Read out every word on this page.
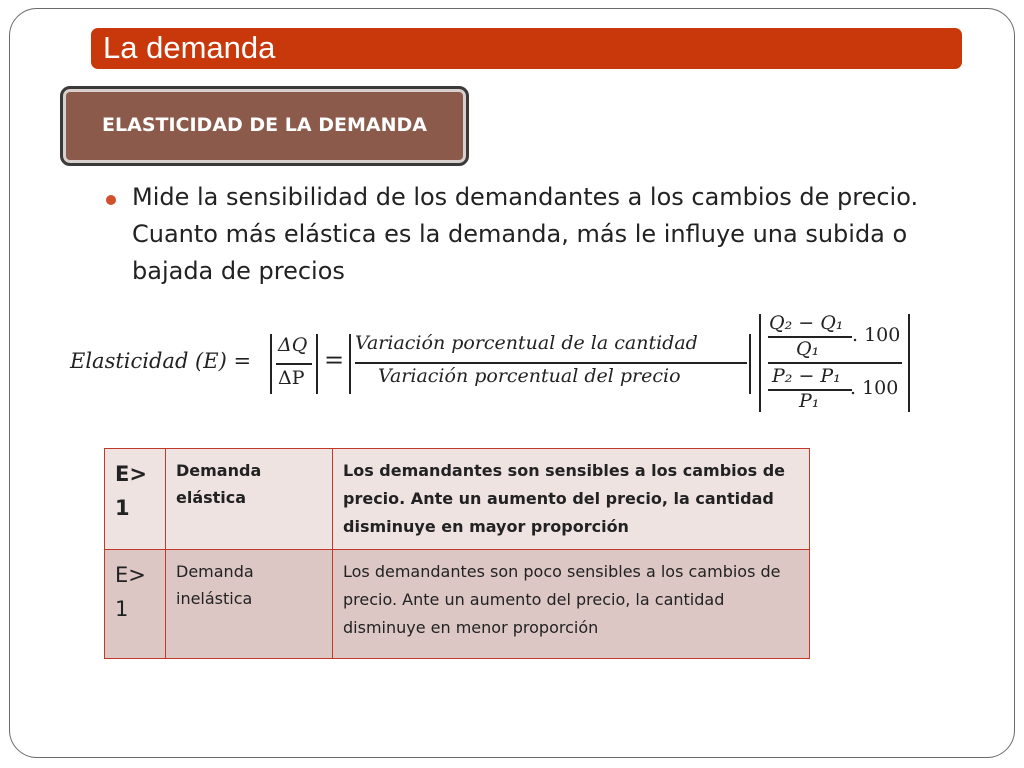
La demanda
ELASTICIDAD DE LA DEMANDA
Mide la sensibilidad de los demandantes a los cambios de precio. Cuanto más elástica es la demanda, más le influye una subida o bajada de precios
Elasticidad (E) =
ΔQ
ΔP
=
Variación porcentual de la cantidad
Variación porcentual del precio
Q₂ − Q₁
Q₁
. 100
P₂ − P₁
P₁
. 100
E> 1	Demanda elástica	Los demandantes son sensibles a los cambios de precio. Ante un aumento del precio, la cantidad disminuye en mayor proporción
E> 1	Demanda inelástica	Los demandantes son poco sensibles a los cambios de precio. Ante un aumento del precio, la cantidad disminuye en menor proporción
